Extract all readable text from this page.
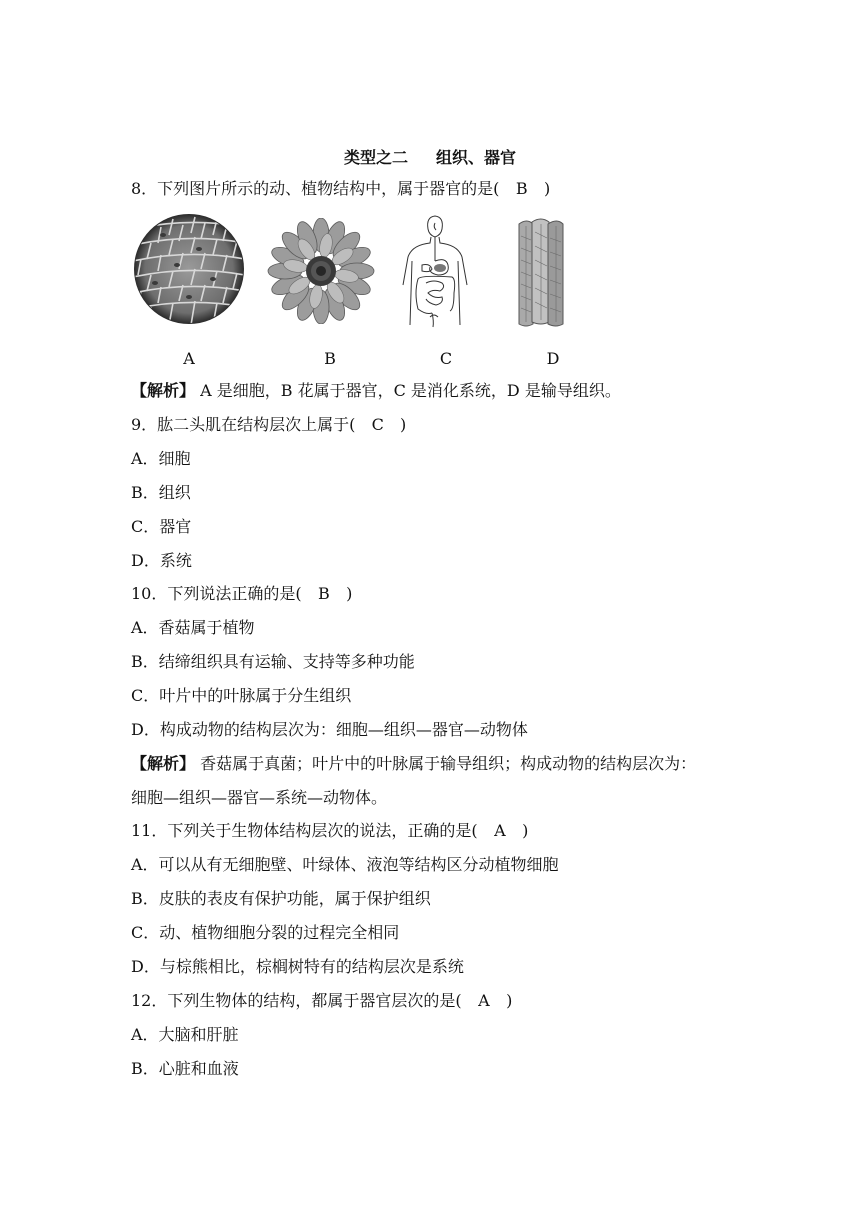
类型之二 组织、器官
8．下列图片所示的动、植物结构中，属于器官的是( B )
A	B	C	D
【解析】 A 是细胞，B 花属于器官，C 是消化系统，D 是输导组织。
9．肱二头肌在结构层次上属于( C )
A．细胞
B．组织
C．器官
D．系统
10．下列说法正确的是( B )
A．香菇属于植物
B．结缔组织具有运输、支持等多种功能
C．叶片中的叶脉属于分生组织
D．构成动物的结构层次为：细胞—组织—器官—动物体
【解析】 香菇属于真菌；叶片中的叶脉属于输导组织；构成动物的结构层次为：
细胞—组织—器官—系统—动物体。
11．下列关于生物体结构层次的说法，正确的是( A )
A．可以从有无细胞壁、叶绿体、液泡等结构区分动植物细胞
B．皮肤的表皮有保护功能，属于保护组织
C．动、植物细胞分裂的过程完全相同
D．与棕熊相比，棕榈树特有的结构层次是系统
12．下列生物体的结构，都属于器官层次的是( A )
A．大脑和肝脏
B．心脏和血液
